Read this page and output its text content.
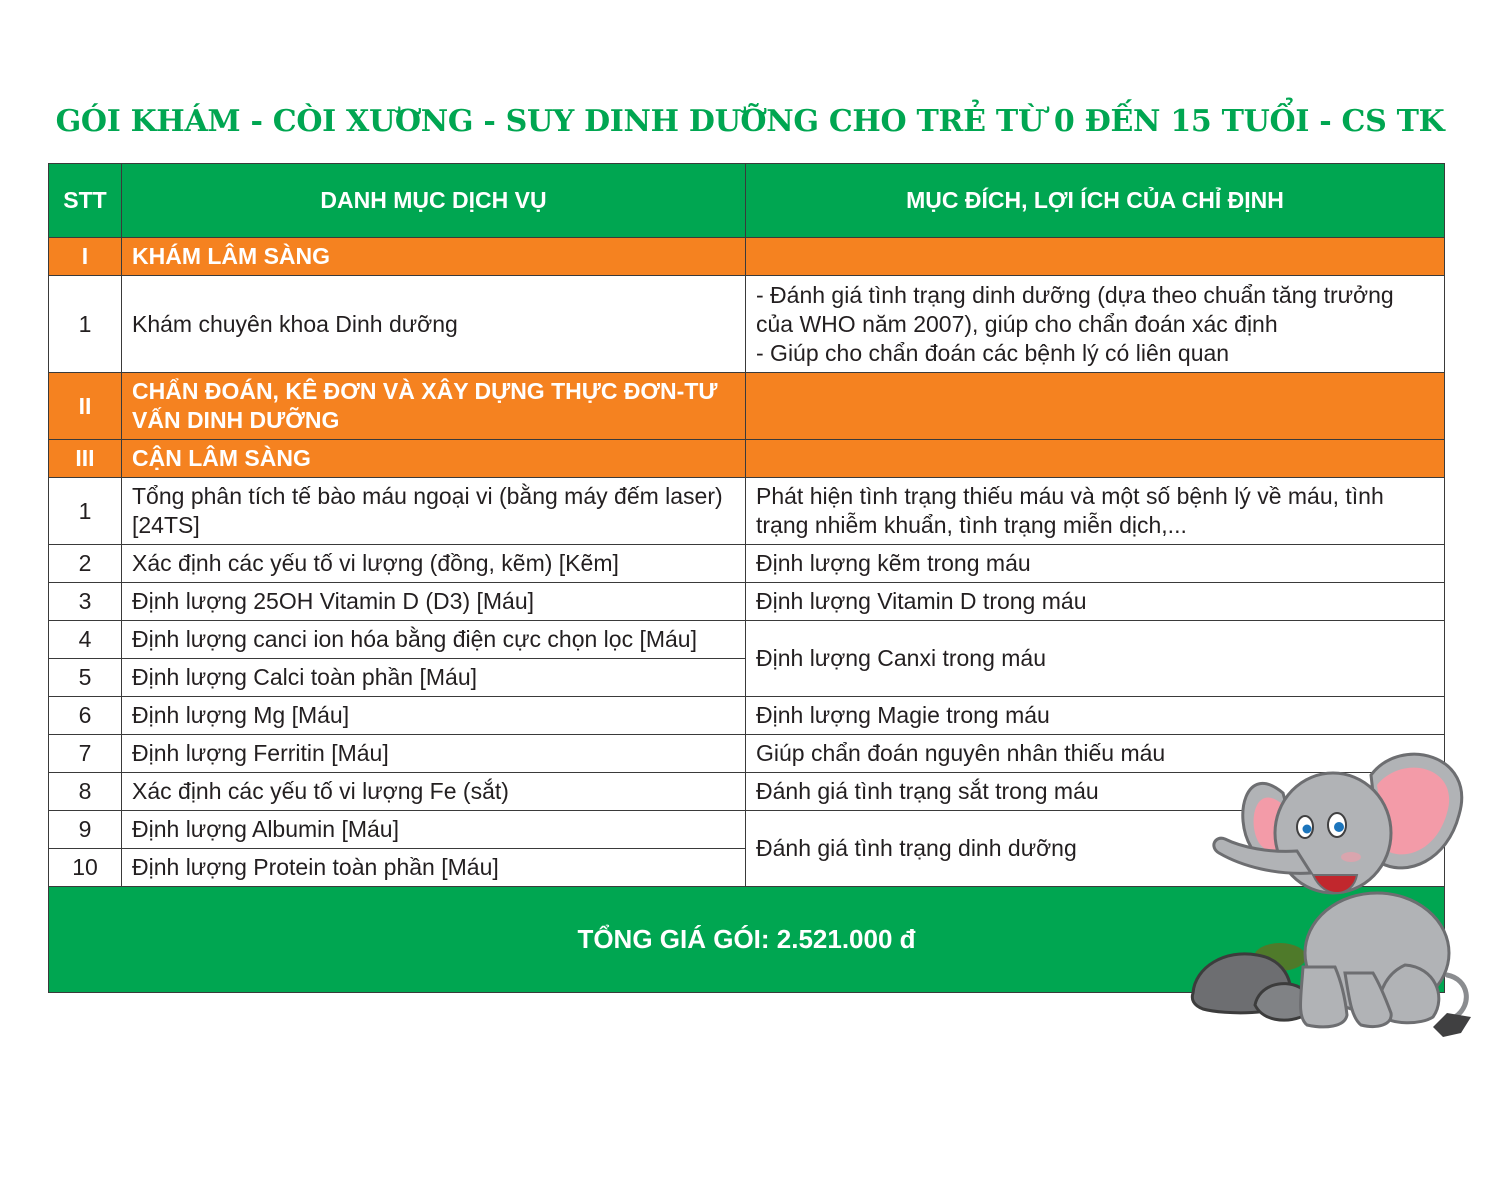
GÓI KHÁM - CÒI XƯƠNG - SUY DINH DƯỠNG CHO TRẺ TỪ 0 ĐẾN 15 TUỔI - CS TK
STT	DANH MỤC DỊCH VỤ	MỤC ĐÍCH, LỢI ÍCH CỦA CHỈ ĐỊNH
I	KHÁM LÂM SÀNG	
1	Khám chuyên khoa Dinh dưỡng	- Đánh giá tình trạng dinh dưỡng (dựa theo chuẩn tăng trưởng của WHO năm 2007), giúp cho chẩn đoán xác định
- Giúp cho chẩn đoán các bệnh lý có liên quan

II	CHẨN ĐOÁN, KÊ ĐƠN VÀ XÂY DỰNG THỰC ĐƠN-TƯ VẤN DINH DƯỠNG	
III	CẬN LÂM SÀNG	
1	Tổng phân tích tế bào máu ngoại vi (bằng máy đếm laser) [24TS]	Phát hiện tình trạng thiếu máu và một số bệnh lý về máu, tình trạng nhiễm khuẩn, tình trạng miễn dịch,...
2	Xác định các yếu tố vi lượng (đồng, kẽm) [Kẽm]	Định lượng kẽm trong máu
3	Định lượng 25OH Vitamin D (D3) [Máu]	Định lượng Vitamin D trong máu
4	Định lượng canci ion hóa bằng điện cực chọn lọc [Máu]	Định lượng Canxi trong máu
5	Định lượng Calci toàn phần [Máu]	
6	Định lượng Mg [Máu]	Định lượng Magie trong máu
7	Định lượng Ferritin [Máu]	Giúp chẩn đoán nguyên nhân thiếu máu
8	Xác định các yếu tố vi lượng Fe (sắt)	Đánh giá tình trạng sắt trong máu
9	Định lượng Albumin [Máu]	Đánh giá tình trạng dinh dưỡng
10	Định lượng Protein toàn phần [Máu]	
TỔNG GIÁ GÓI: 2.521.000 đ		
